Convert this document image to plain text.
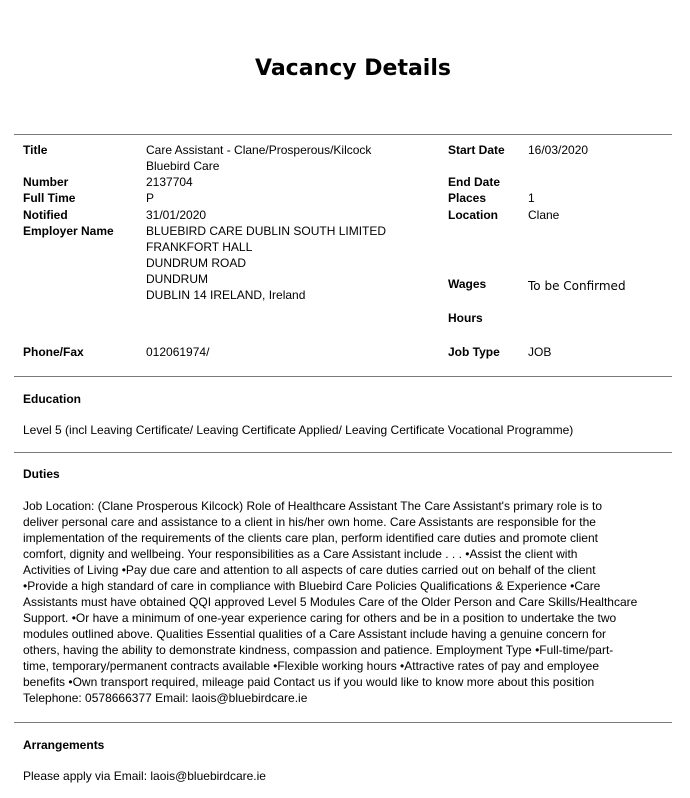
Vacancy Details
Title
Number
Full Time
Notified
Employer Name
Phone/Fax
Care Assistant - Clane/Prosperous/Kilcock
Bluebird Care
2137704
P
31/01/2020
BLUEBIRD CARE DUBLIN SOUTH LIMITED
FRANKFORT HALL
DUNDRUM ROAD
DUNDRUM
DUBLIN 14 IRELAND, Ireland
012061974/
Start Date
End Date
Places
Location
Wages
Hours
Job Type
16/03/2020
1
Clane
To be Confirmed
JOB
Education
Level 5 (incl Leaving Certificate/ Leaving Certificate Applied/ Leaving Certificate Vocational Programme)
Duties
Job Location: (Clane Prosperous Kilcock) Role of Healthcare Assistant The Care Assistant's primary role is to
deliver personal care and assistance to a client in his/her own home. Care Assistants are responsible for the
implementation of the requirements of the clients care plan, perform identified care duties and promote client
comfort, dignity and wellbeing. Your responsibilities as a Care Assistant include . . . •Assist the client with
Activities of Living •Pay due care and attention to all aspects of care duties carried out on behalf of the client
•Provide a high standard of care in compliance with Bluebird Care Policies Qualifications & Experience •Care
Assistants must have obtained QQI approved Level 5 Modules Care of the Older Person and Care Skills/Healthcare
Support. •Or have a minimum of one-year experience caring for others and be in a position to undertake the two
modules outlined above. Qualities Essential qualities of a Care Assistant include having a genuine concern for
others, having the ability to demonstrate kindness, compassion and patience. Employment Type •Full-time/part-
time, temporary/permanent contracts available •Flexible working hours •Attractive rates of pay and employee
benefits •Own transport required, mileage paid Contact us if you would like to know more about this position
Telephone: 0578666377 Email: laois@bluebirdcare.ie
Arrangements
Please apply via Email: laois@bluebirdcare.ie
